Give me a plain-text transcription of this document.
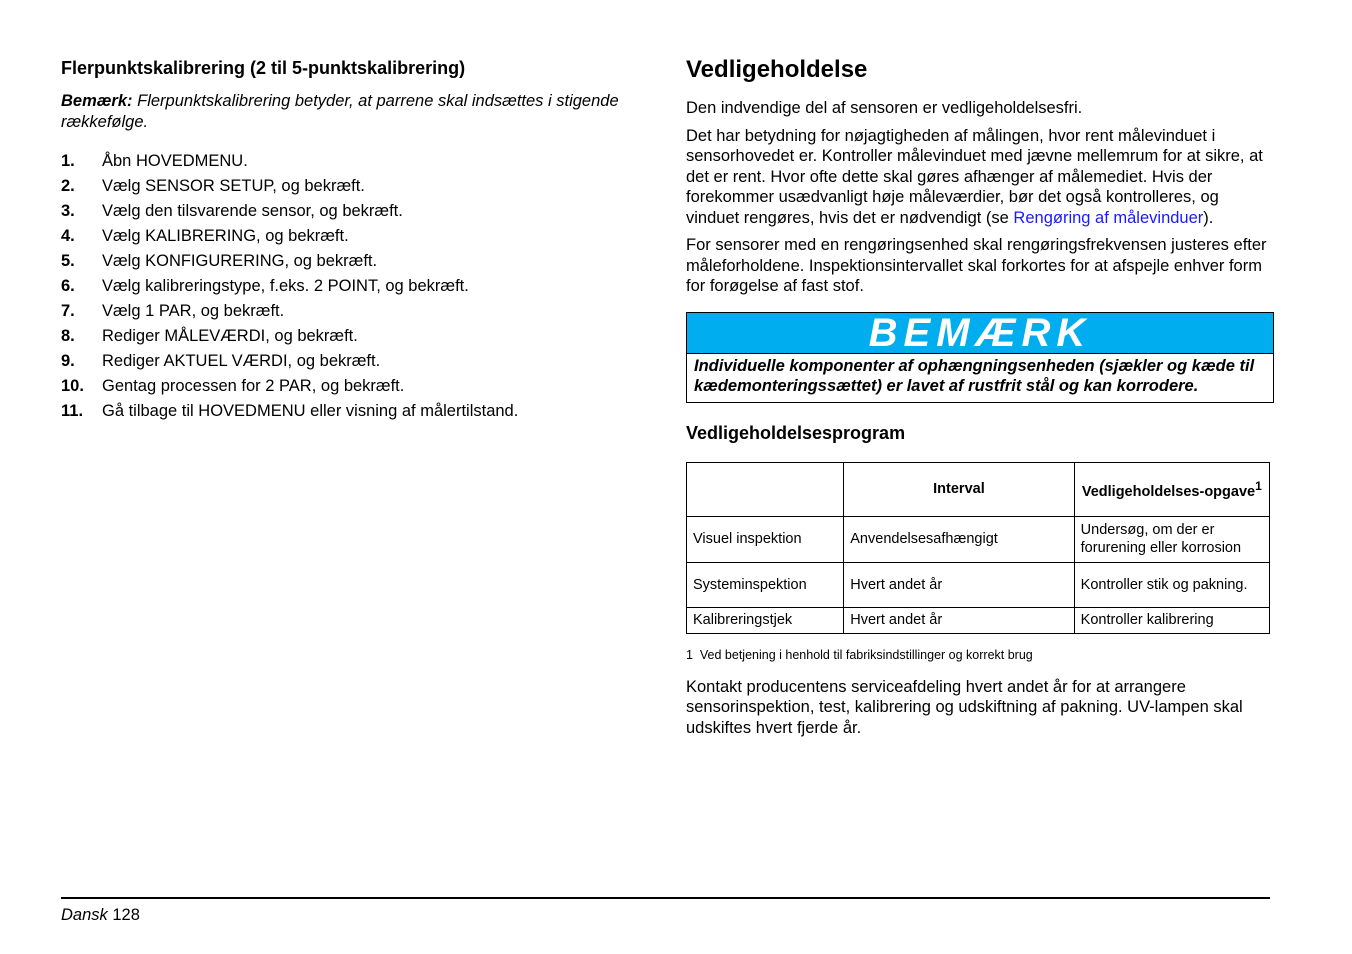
Flerpunktskalibrering (2 til 5-punktskalibrering)

Bemærk: Flerpunktskalibrering betyder, at parrene skal indsættes i stigende rækkefølge.

1.	Åbn HOVEDMENU.
2.	Vælg SENSOR SETUP, og bekræft.
3.	Vælg den tilsvarende sensor, og bekræft.
4.	Vælg KALIBRERING, og bekræft.
5.	Vælg KONFIGURERING, og bekræft.
6.	Vælg kalibreringstype, f.eks. 2 POINT, og bekræft.
7.	Vælg 1 PAR, og bekræft.
8.	Rediger MÅLEVÆRDI, og bekræft.
9.	Rediger AKTUEL VÆRDI, og bekræft.
10.	Gentag processen for 2 PAR, og bekræft.
11.	Gå tilbage til HOVEDMENU eller visning af målertilstand.
Vedligeholdelse

Den indvendige del af sensoren er vedligeholdelsesfri.

Det har betydning for nøjagtigheden af målingen, hvor rent målevinduet i sensorhovedet er. Kontroller målevinduet med jævne mellemrum for at sikre, at det er rent. Hvor ofte dette skal gøres afhænger af målemediet. Hvis der forekommer usædvanligt høje måleværdier, bør det også kontrolleres, og vinduet rengøres, hvis det er nødvendigt (se Rengøring af målevinduer).

For sensorer med en rengøringsenhed skal rengøringsfrekvensen justeres efter måleforholdene. Inspektionsintervallet skal forkortes for at afspejle enhver form for forøgelse af fast stof.

BEMÆRK
Individuelle komponenter af ophængningsenheden (sjækler og kæde til kædemonteringssættet) er lavet af rustfrit stål og kan korrodere.
Vedligeholdelsesprogram
	Interval	Vedligeholdelses-opgave$^1$
Visuel inspektion	Anvendelsesafhængigt	Undersøg, om der er forurening eller korrosion
Systeminspektion	Hvert andet år	Kontroller stik og pakning.
Kalibreringstjek	Hvert andet år	Kontroller kalibrering
1 Ved betjening i henhold til fabriksindstillinger og korrekt brug

Kontakt producentens serviceafdeling hvert andet år for at arrangere sensorinspektion, test, kalibrering og udskiftning af pakning. UV-lampen skal udskiftes hvert fjerde år.

Dansk 128
